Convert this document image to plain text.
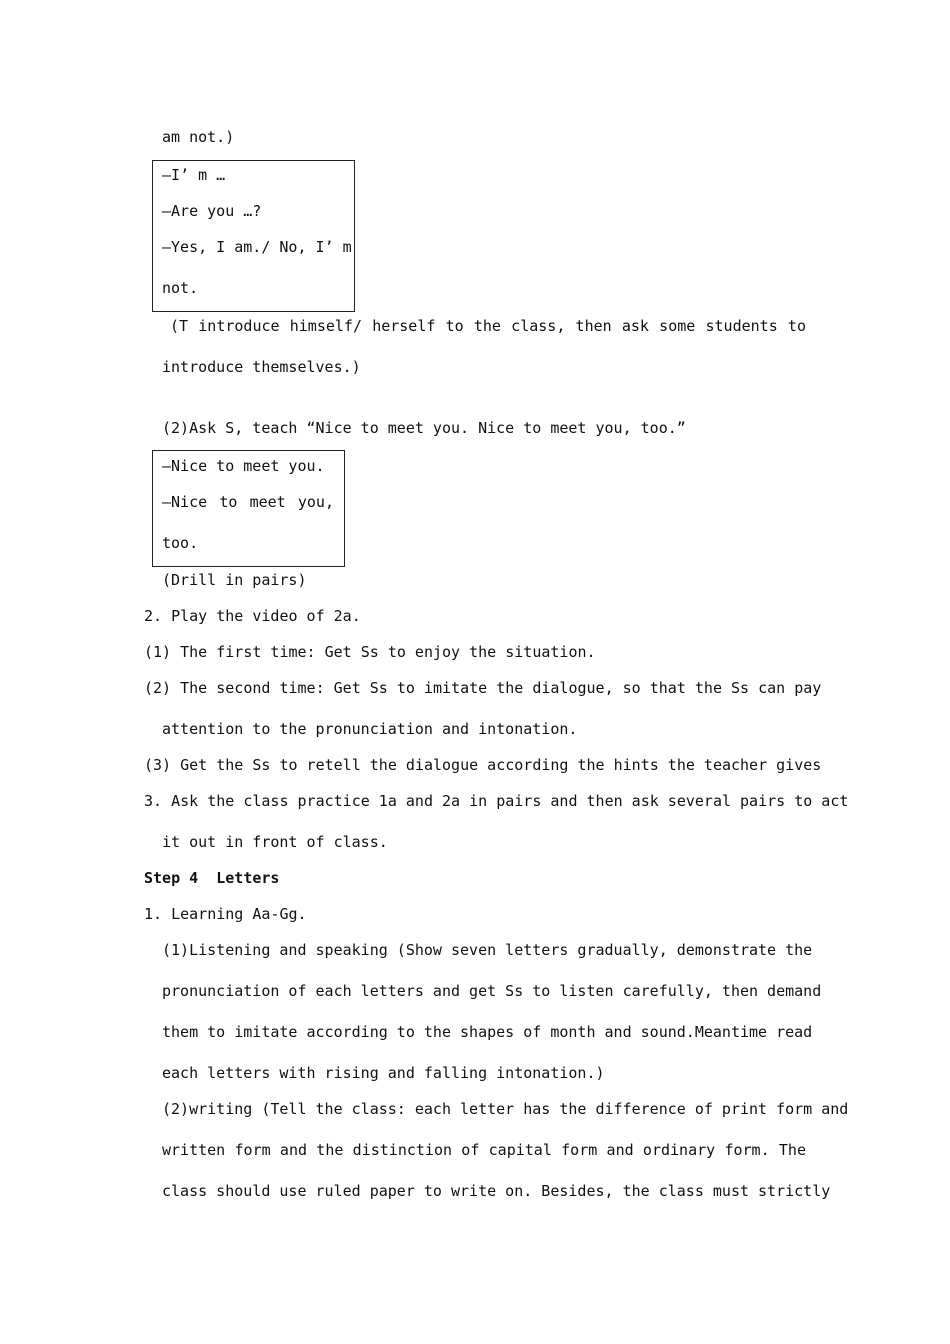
am not.)
—I’ m …
—Are you …?
—Yes, I am./ No, I’ m
not.
(T introduce himself/ herself to the class, then ask some students to
introduce themselves.)
(2)Ask S, teach “Nice to meet you. Nice to meet you, too.”
—Nice to meet you.
—Nice to meet you,
too.
(Drill in pairs)
2. Play the video of 2a.
(1) The first time: Get Ss to enjoy the situation.
(2) The second time: Get Ss to imitate the dialogue, so that the Ss can pay
attention to the pronunciation and intonation.
(3) Get the Ss to retell the dialogue according the hints the teacher gives
3. Ask the class practice 1a and 2a in pairs and then ask several pairs to act
it out in front of class.
Step 4  Letters
1. Learning Aa-Gg.
(1)Listening and speaking (Show seven letters gradually, demonstrate the
pronunciation of each letters and get Ss to listen carefully, then demand
them to imitate according to the shapes of month and sound.Meantime read
each letters with rising and falling intonation.)
(2)writing (Tell the class: each letter has the difference of print form and
written form and the distinction of capital form and ordinary form. The
class should use ruled paper to write on. Besides, the class must strictly
